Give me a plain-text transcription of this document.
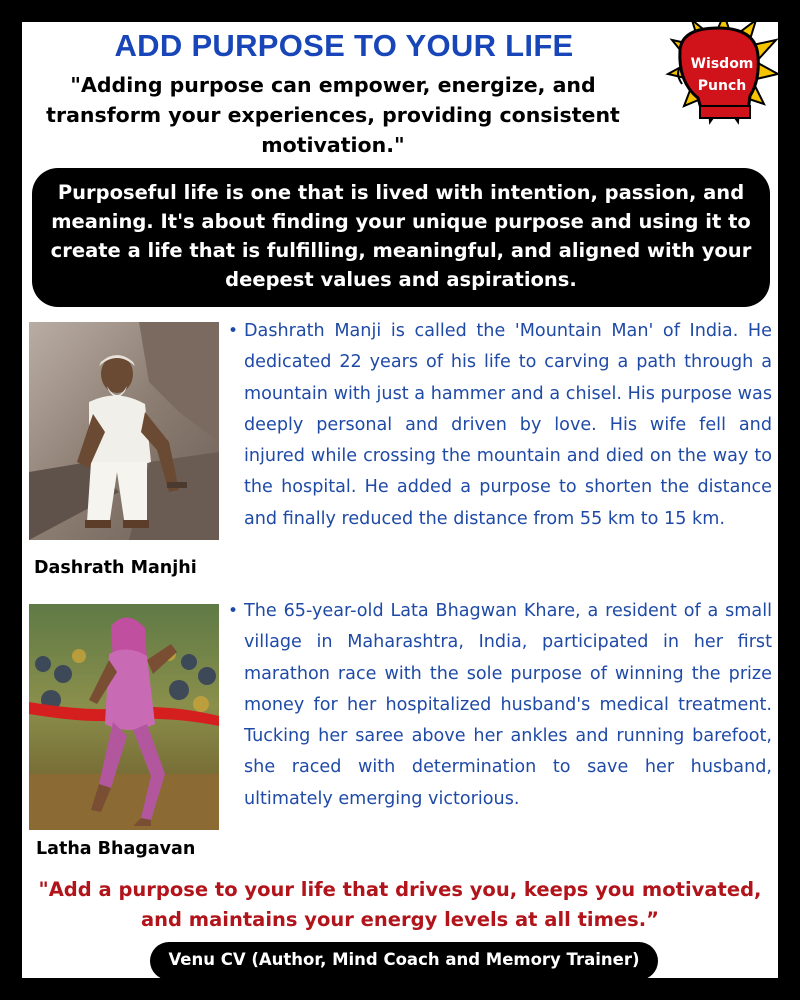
ADD PURPOSE TO YOUR LIFE
"Adding purpose can empower, energize, and transform your experiences, providing consistent motivation."
Wisdom
Punch
Purposeful life is one that is lived with intention, passion, and meaning. It's about finding your unique purpose and using it to create a life that is fulfilling, meaningful, and aligned with your deepest values and aspirations.
Dashrath Manjhi
Latha Bhagavan
• Dashrath Manji is called the 'Mountain Man' of India. He dedicated 22 years of his life to carving a path through a mountain with just a hammer and a chisel. His purpose was deeply personal and driven by love. His wife fell and injured while crossing the mountain and died on the way to the hospital. He added a purpose to shorten the distance and finally reduced the distance from 55 km to 15 km.
• The 65-year-old Lata Bhagwan Khare, a resident of a small village in Maharashtra, India, participated in her first marathon race with the sole purpose of winning the prize money for her hospitalized husband's medical treatment. Tucking her saree above her ankles and running barefoot, she raced with determination to save her husband, ultimately emerging victorious.
"Add a purpose to your life that drives you, keeps you motivated, and maintains your energy levels at all times.”
Venu CV (Author, Mind Coach and Memory Trainer)
